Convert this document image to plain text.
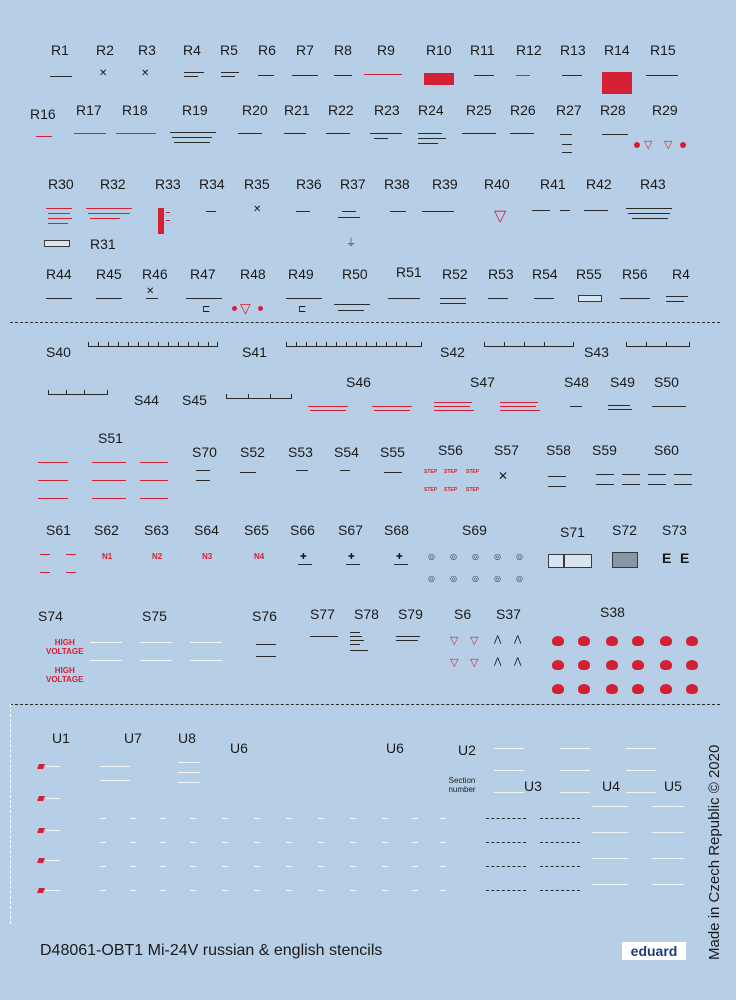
R1 R2 R3 R4 R5 R6 R7 R8 R9 R10 R11 R12 R13 R14 R15
✕	✕
R16 R17 R18 R19 R20 R21 R22 R23 R24 R25 R26 R27 R28 R29
▽ ▽
R30 R32 R33 R34 R35 R36 R37 R38 R39 R40 R41 R42 R43
R31
✕
⏚
▽
R44 R45 R46 R47 R48 R49 R50 R51 R52 R53 R54 R55 R56 R4
✕
⊏ ▽	⊏
S40	S41	S42	S43
S44 S45
S46	S47	S48 S49 S50
S51
S70 S52 S53 S54 S55 S56 S57 S58 S59	S60
STEP STEP STEP
STEP STEP STEP
✕
S61 S62 S63 S64 S65 S66 S67 S68	S69	S71 S72 S73
N1	N2	N3	N4	✚	✚	✚	◎ ◎ ◎ ◎ ◎
◎ ◎ ◎ ◎ ◎
E E
S74	S75	S76 S77 S78 S79 S6 S37	S38
HIGH
VOLTAGE
HIGH
VOLTAGE
▽ ▽
▽ ▽
⋀ ⋀
⋀ ⋀
U1	U7	U8
U6	U6	U2
U3	U4	U5
Section
number
D48061-OBT1 Mi-24V russian & english stencils	eduard	Made in Czech Republic © 2020
